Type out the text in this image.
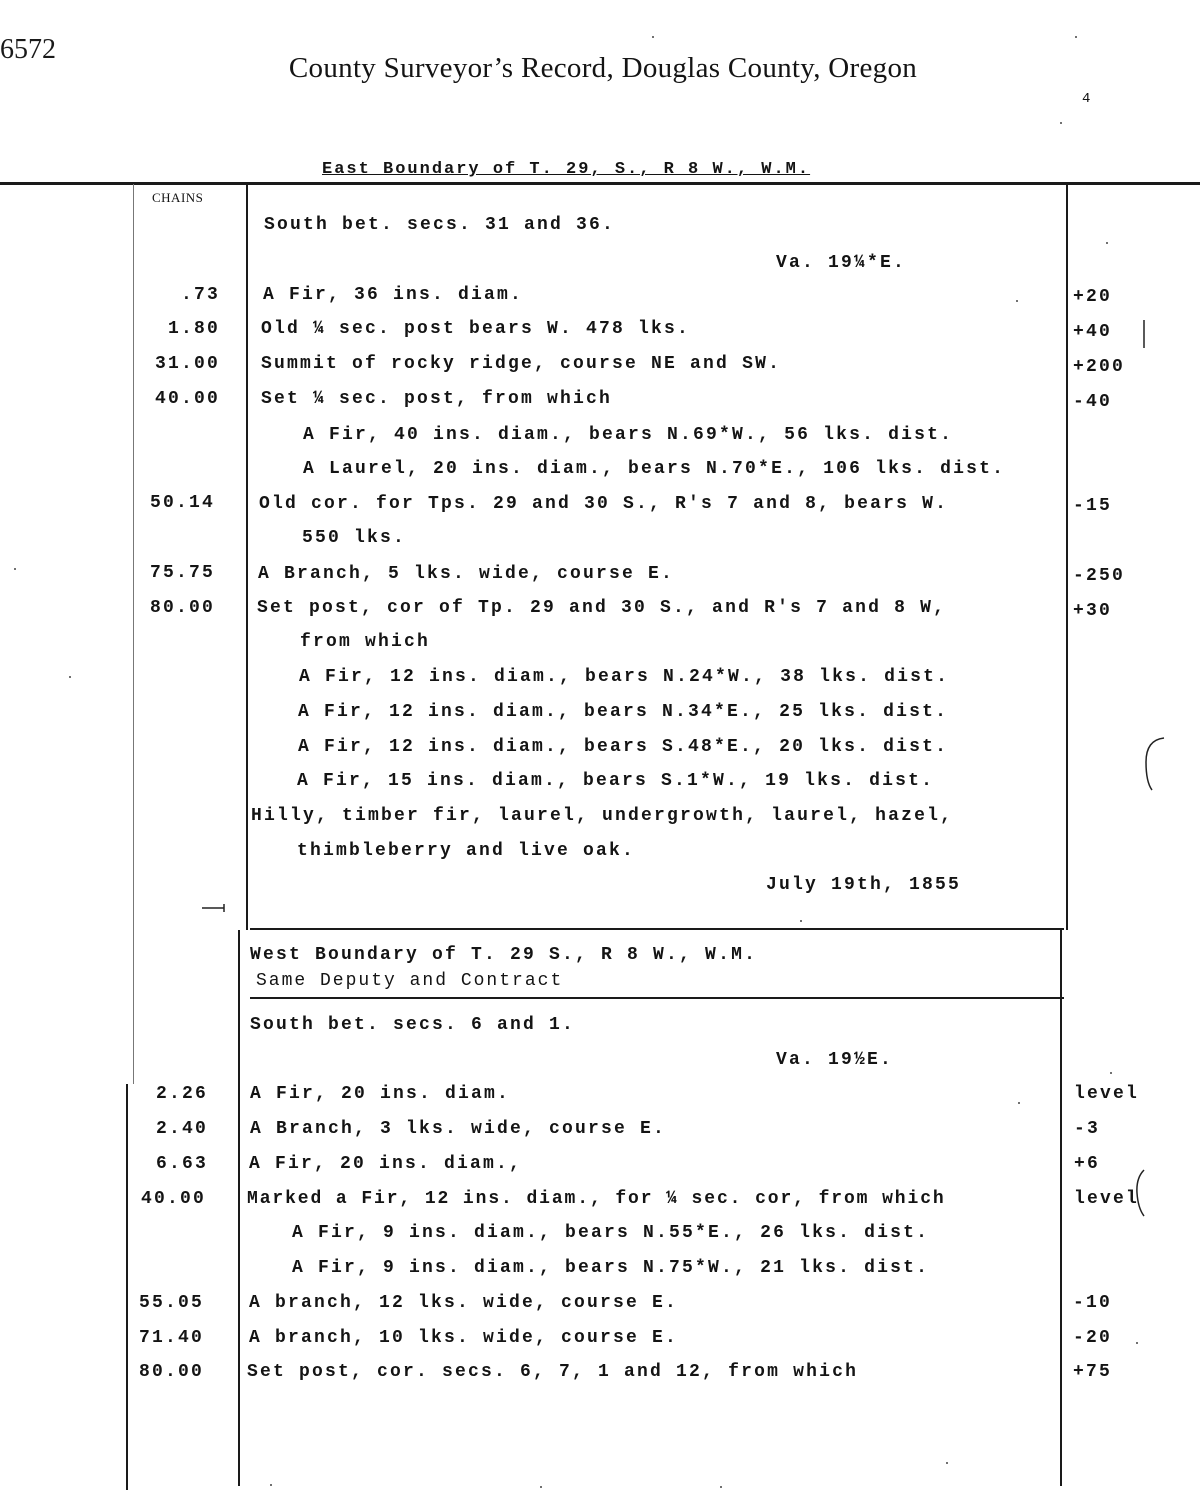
6572
County Surveyor’s Record, Douglas County, Oregon
4
East Boundary of T. 29, S., R 8 W., W.M.
CHAINS
South bet. secs. 31 and 36.
Va. 19¼*E.
.73 A Fir, 36 ins. diam.	+20
1.80 Old ¼ sec. post bears W. 478 lks.	+40
31.00 Summit of rocky ridge, course NE and SW.	+200
40.00 Set ¼ sec. post, from which	-40
A Fir, 40 ins. diam., bears N.69*W., 56 lks. dist.
A Laurel, 20 ins. diam., bears N.70*E., 106 lks. dist.
50.14 Old cor. for Tps. 29 and 30 S., R's 7 and 8, bears W.	-15
550 lks.
75.75 A Branch, 5 lks. wide, course E.	-250
80.00 Set post, cor of Tp. 29 and 30 S., and R's 7 and 8 W,	+30
from which
A Fir, 12 ins. diam., bears N.24*W., 38 lks. dist.
A Fir, 12 ins. diam., bears N.34*E., 25 lks. dist.
A Fir, 12 ins. diam., bears S.48*E., 20 lks. dist.
A Fir, 15 ins. diam., bears S.1*W., 19 lks. dist.
Hilly, timber fir, laurel, undergrowth, laurel, hazel,
thimbleberry and live oak.
July 19th, 1855
West Boundary of T. 29 S., R 8 W., W.M.
Same Deputy and Contract
South bet. secs. 6 and 1.
Va. 19½E.
2.26 A Fir, 20 ins. diam.	level
2.40 A Branch, 3 lks. wide, course E.	-3
6.63 A Fir, 20 ins. diam.,	+6
40.00 Marked a Fir, 12 ins. diam., for ¼ sec. cor, from which	level
A Fir, 9 ins. diam., bears N.55*E., 26 lks. dist.
A Fir, 9 ins. diam., bears N.75*W., 21 lks. dist.
55.05	A branch, 12 lks. wide, course E.	-10
71.40	A branch, 10 lks. wide, course E.	-20
80.00 Set post, cor. secs. 6, 7, 1 and 12, from which	+75
